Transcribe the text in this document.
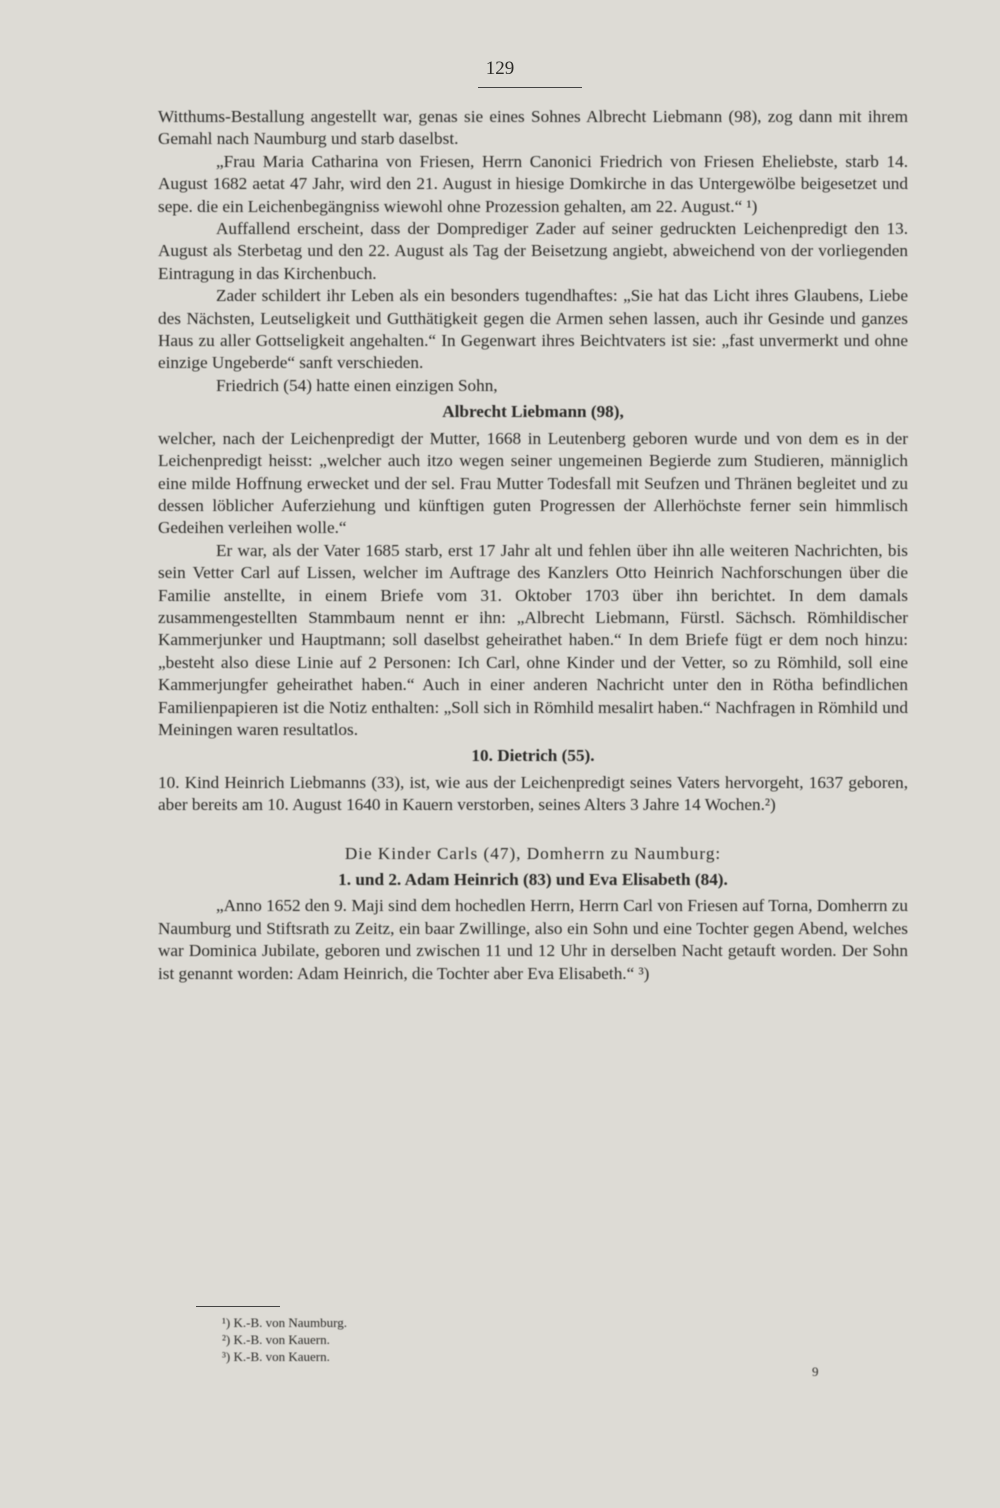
129

Witthums-Bestallung angestellt war, genas sie eines Sohnes Albrecht Liebmann (98), zog dann mit ihrem Gemahl nach Naumburg und starb daselbst.

„Frau Maria Catharina von Friesen, Herrn Canonici Friedrich von Friesen Eheliebste, starb 14. August 1682 aetat 47 Jahr, wird den 21. August in hiesige Domkirche in das Untergewölbe beigesetzet und sepe. die ein Leichenbegängniss wiewohl ohne Prozession gehalten, am 22. August.“ ¹)

Auffallend erscheint, dass der Domprediger Zader auf seiner gedruckten Leichenpredigt den 13. August als Sterbetag und den 22. August als Tag der Beisetzung angiebt, abweichend von der vorliegenden Eintragung in das Kirchenbuch.

Zader schildert ihr Leben als ein besonders tugendhaftes: „Sie hat das Licht ihres Glaubens, Liebe des Nächsten, Leutseligkeit und Gutthätigkeit gegen die Armen sehen lassen, auch ihr Gesinde und ganzes Haus zu aller Gottseligkeit angehalten.“ In Gegenwart ihres Beichtvaters ist sie: „fast unvermerkt und ohne einzige Ungeberde“ sanft verschieden.

Friedrich (54) hatte einen einzigen Sohn,

Albrecht Liebmann (98),

welcher, nach der Leichenpredigt der Mutter, 1668 in Leutenberg geboren wurde und von dem es in der Leichenpredigt heisst: „welcher auch itzo wegen seiner ungemeinen Begierde zum Studieren, männiglich eine milde Hoffnung erwecket und der sel. Frau Mutter Todesfall mit Seufzen und Thränen begleitet und zu dessen löblicher Auferziehung und künftigen guten Progressen der Allerhöchste ferner sein himmlisch Gedeihen verleihen wolle.“

Er war, als der Vater 1685 starb, erst 17 Jahr alt und fehlen über ihn alle weiteren Nachrichten, bis sein Vetter Carl auf Lissen, welcher im Auftrage des Kanzlers Otto Heinrich Nachforschungen über die Familie anstellte, in einem Briefe vom 31. Oktober 1703 über ihn berichtet. In dem damals zusammengestellten Stammbaum nennt er ihn: „Albrecht Liebmann, Fürstl. Sächsch. Römhildischer Kammerjunker und Hauptmann; soll daselbst geheirathet haben.“ In dem Briefe fügt er dem noch hinzu: „besteht also diese Linie auf 2 Personen: Ich Carl, ohne Kinder und der Vetter, so zu Römhild, soll eine Kammerjungfer geheirathet haben.“ Auch in einer anderen Nachricht unter den in Rötha befindlichen Familienpapieren ist die Notiz enthalten: „Soll sich in Römhild mesalirt haben.“ Nachfragen in Römhild und Meiningen waren resultatlos.

10. Dietrich (55).

10. Kind Heinrich Liebmanns (33), ist, wie aus der Leichenpredigt seines Vaters hervorgeht, 1637 geboren, aber bereits am 10. August 1640 in Kauern verstorben, seines Alters 3 Jahre 14 Wochen.²)

Die Kinder Carls (47), Domherrn zu Naumburg:

1. und 2. Adam Heinrich (83) und Eva Elisabeth (84).

„Anno 1652 den 9. Maji sind dem hochedlen Herrn, Herrn Carl von Friesen auf Torna, Domherrn zu Naumburg und Stiftsrath zu Zeitz, ein baar Zwillinge, also ein Sohn und eine Tochter gegen Abend, welches war Dominica Jubilate, geboren und zwischen 11 und 12 Uhr in derselben Nacht getauft worden. Der Sohn ist genannt worden: Adam Heinrich, die Tochter aber Eva Elisabeth.“ ³)

¹) K.-B. von Naumburg.
²) K.-B. von Kauern.
³) K.-B. von Kauern.
9
